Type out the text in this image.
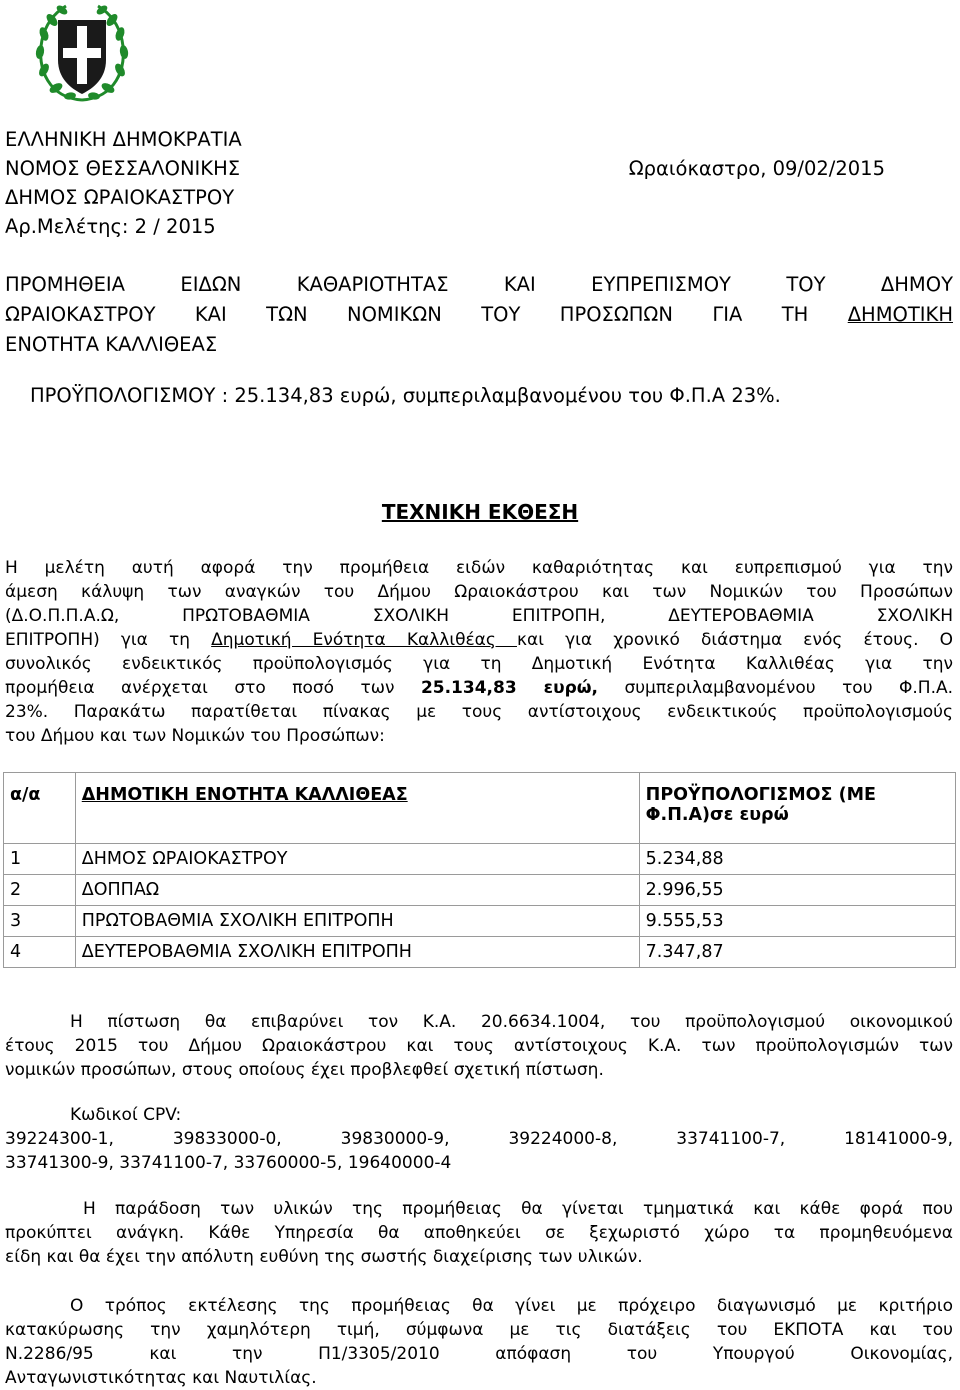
ΕΛΛΗΝΙΚΗ ΔΗΜΟΚΡΑΤΙΑ
ΝΟΜΟΣ ΘΕΣΣΑΛΟΝΙΚΗΣ
ΔΗΜΟΣ ΩΡΑΙΟΚΑΣΤΡΟΥ
Αρ.Μελέτης: 2 / 2015
Ωραιόκαστρο, 09/02/2015
ΠΡΟΜΗΘΕΙΑ ΕΙΔΩΝ ΚΑΘΑΡΙΟΤΗΤΑΣ ΚΑΙ ΕΥΠΡΕΠΙΣΜΟΥ ΤΟΥ ΔΗΜΟΥ
ΩΡΑΙΟΚΑΣΤΡΟΥ ΚΑΙ ΤΩΝ ΝΟΜΙΚΩΝ ΤΟΥ ΠΡΟΣΩΠΩΝ ΓΙΑ ΤΗ ΔΗΜΟΤΙΚΗ
ΕΝΟΤΗΤΑ ΚΑΛΛΙΘΕΑΣ
ΠΡΟΫΠΟΛΟΓΙΣΜΟΥ : 25.134,83 ευρώ, συμπεριλαμβανομένου του Φ.Π.Α 23%.
ΤΕΧΝΙΚΗ ΕΚΘΕΣΗ
Η μελέτη αυτή αφορά την προμήθεια ειδών καθαριότητας και ευπρεπισμού για την
άμεση κάλυψη των αναγκών του Δήμου Ωραιοκάστρου και των Νομικών του Προσώπων
(Δ.Ο.Π.Π.Α.Ω, ΠΡΩΤΟΒΑΘΜΙΑ ΣΧΟΛΙΚΗ ΕΠΙΤΡΟΠΗ, ΔΕΥΤΕΡΟΒΑΘΜΙΑ ΣΧΟΛΙΚΗ
ΕΠΙΤΡΟΠΗ) για τη Δημοτική Ενότητα Καλλιθέας και για χρονικό διάστημα ενός έτους. Ο
συνολικός ενδεικτικός προϋπολογισμός για τη Δημοτική Ενότητα Καλλιθέας για την
προμήθεια ανέρχεται στο ποσό των 25.134,83 ευρώ, συμπεριλαμβανομένου του Φ.Π.Α.
23%. Παρακάτω παρατίθεται πίνακας με τους αντίστοιχους ενδεικτικούς προϋπολογισμούς
του Δήμου και των Νομικών του Προσώπων:
α/α	ΔΗΜΟΤΙΚΗ ΕΝΟΤΗΤΑ ΚΑΛΛΙΘΕΑΣ	ΠΡΟΫΠΟΛΟΓΙΣΜΟΣ (ΜΕ Φ.Π.Α)σε ευρώ
1	ΔΗΜΟΣ ΩΡΑΙΟΚΑΣΤΡΟΥ	5.234,88
2	ΔΟΠΠΑΩ	2.996,55
3	ΠΡΩΤΟΒΑΘΜΙΑ ΣΧΟΛΙΚΗ ΕΠΙΤΡΟΠΗ	9.555,53
4	ΔΕΥΤΕΡΟΒΑΘΜΙΑ ΣΧΟΛΙΚΗ ΕΠΙΤΡΟΠΗ	7.347,87
Η πίστωση θα επιβαρύνει τον Κ.Α. 20.6634.1004, του προϋπολογισμού οικονομικού
έτους 2015 του Δήμου Ωραιοκάστρου και τους αντίστοιχους Κ.Α. των προϋπολογισμών των
νομικών προσώπων, στους οποίους έχει προβλεφθεί σχετική πίστωση.
Κωδικοί CPV:
39224300-1, 39833000-0, 39830000-9, 39224000-8, 33741100-7, 18141000-9,
33741300-9, 33741100-7, 33760000-5, 19640000-4
Η παράδοση των υλικών της προμήθειας θα γίνεται τμηματικά και κάθε φορά που
προκύπτει ανάγκη. Κάθε Υπηρεσία θα αποθηκεύει σε ξεχωριστό χώρο τα προμηθευόμενα
είδη και θα έχει την απόλυτη ευθύνη της σωστής διαχείρισης των υλικών.
Ο τρόπος εκτέλεσης της προμήθειας θα γίνει με πρόχειρο διαγωνισμό με κριτήριο
κατακύρωσης την χαμηλότερη τιμή, σύμφωνα με τις διατάξεις του ΕΚΠΟΤΑ και του
Ν.2286/95 και την Π1/3305/2010 απόφαση του Υπουργού Οικονομίας,
Ανταγωνιστικότητας και Ναυτιλίας.
